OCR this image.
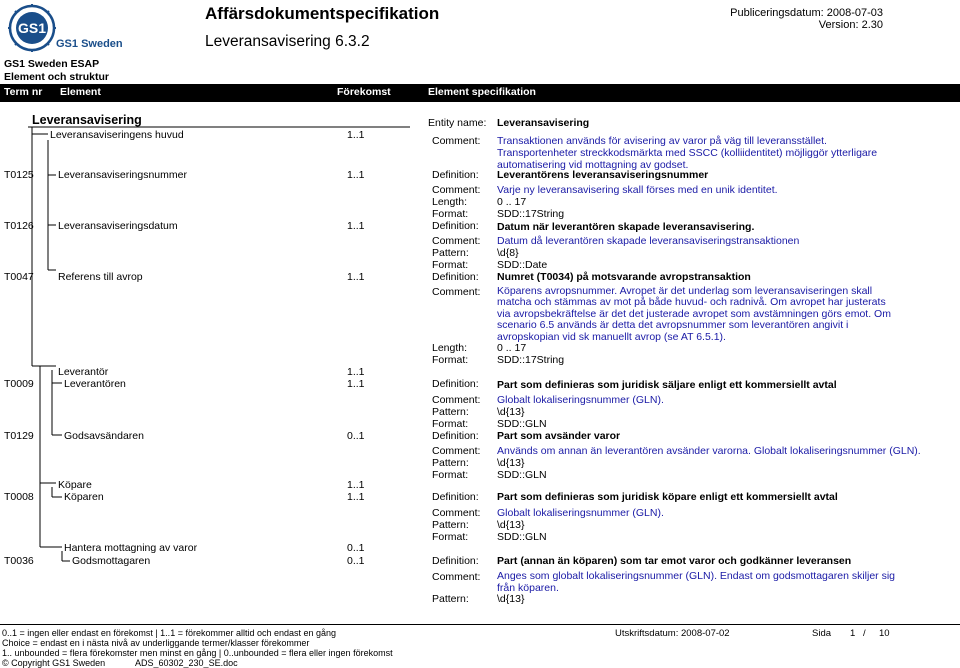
GS1
GS1 Sweden
Affärsdokumentspecifikation
Leveransavisering 6.3.2
Publiceringsdatum: 2008-07-03
Version: 2.30
GS1 Sweden ESAP
Element och struktur
Term nr Element	Förekomst	Element specifikation
Leveransavisering	Entity name: Leveransavisering
Leveransaviseringens huvud	1..1	Comment: Transaktionen används för avisering av varor på väg till leveransstället. Transportenheter streckkodsmärkta med SSCC (kolliidentitet) möjliggör ytterligare automatisering vid mottagning av godset.
T0125 Leveransaviseringsnummer	1..1	Definition: Leverantörens leveransaviseringsnummer
Comment: Varje ny leveransavisering skall förses med en unik identitet.
Length:	0 .. 17
Format:	SDD::17String
T0126 Leveransaviseringsdatum	1..1	Definition: Datum när leverantören skapade leveransavisering.
Comment: Datum då leverantören skapade leveransaviseringstransaktionen
Pattern:	\d{8}
Format:	SDD::Date
T0047 Referens till avrop	1..1	Definition: Numret (T0034) på motsvarande avropstransaktion
Comment: Köparens avropsnummer. Avropet är det underlag som leveransaviseringen skall matcha och stämmas av mot på både huvud- och radnivå. Om avropet har justerats via avropsbekräftelse är det det justerade avropet som avstämningen görs emot. Om scenario 6.5 används är detta det avropsnummer som leverantören angivit i avropskopian vid sk manuellt avrop (se AT 6.5.1).
Length:	0 .. 17
Format:	SDD::17String
Leverantör	1..1
T0009	Leverantören	1..1	Definition: Part som definieras som juridisk säljare enligt ett kommersiellt avtal
Comment: Globalt lokaliseringsnummer (GLN).
Pattern:	\d{13}
Format:	SDD::GLN
T0129	Godsavsändaren	0..1	Definition: Part som avsänder varor
Comment: Används om annan än leverantören avsänder varorna. Globalt lokaliseringsnummer (GLN).
Pattern:	\d{13}
Format:	SDD::GLN
Köpare	1..1
T0008	Köparen	1..1	Definition: Part som definieras som juridisk köpare enligt ett kommersiellt avtal
Comment: Globalt lokaliseringsnummer (GLN).
Pattern:	\d{13}
Format:	SDD::GLN
Hantera mottagning av varor	0..1
T0036	Godsmottagaren	0..1	Definition: Part (annan än köparen) som tar emot varor och godkänner leveransen
Comment: Anges som globalt lokaliseringsnummer (GLN). Endast om godsmottagaren skiljer sig från köparen.
Pattern:	\d{13}
0..1 = ingen eller endast en förekomst | 1..1 = förekommer alltid och endast en gång
Choice = endast en i nästa nivå av underliggande termer/klasser förekommer
1.. unbounded = flera förekomster men minst en gång | 0..unbounded = flera eller ingen förekomst
© Copyright GS1 Sweden	ADS_60302_230_SE.doc
Utskriftsdatum: 2008-07-02	Sida 1 / 10
